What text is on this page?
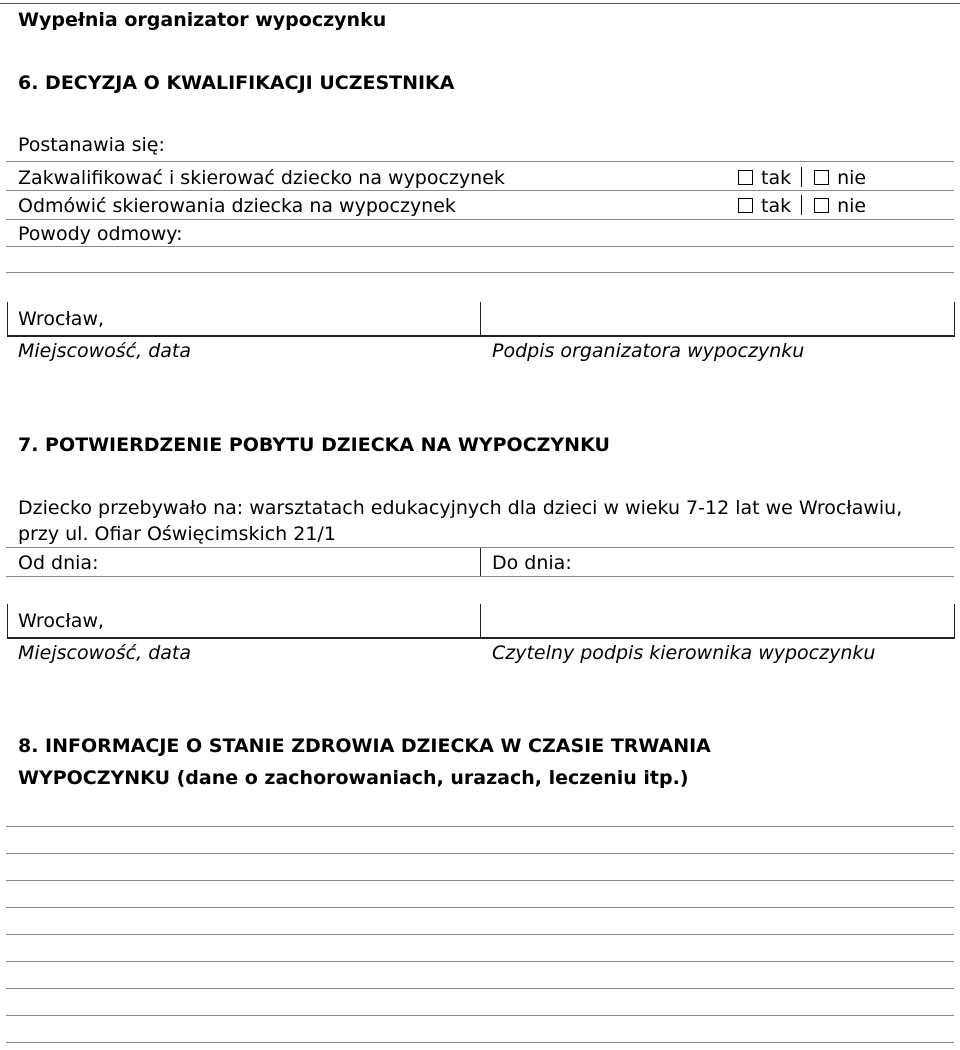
Wypełnia organizator wypoczynku
6. DECYZJA O KWALIFIKACJI UCZESTNIKA
Postanawia się:
Zakwalifikować i skierować dziecko na wypoczynek	tak nie
Odmówić skierowania dziecka na wypoczynek	tak nie
Powody odmowy:
Wrocław,
Miejscowość, data	Podpis organizatora wypoczynku
7. POTWIERDZENIE POBYTU DZIECKA NA WYPOCZYNKU
Dziecko przebywało na: warsztatach edukacyjnych dla dzieci w wieku 7-12 lat we Wrocławiu,
przy ul. Ofiar Oświęcimskich 21/1
Od dnia:	Do dnia:
Wrocław,
Miejscowość, data	Czytelny podpis kierownika wypoczynku
8. INFORMACJE O STANIE ZDROWIA DZIECKA W CZASIE TRWANIA
WYPOCZYNKU (dane o zachorowaniach, urazach, leczeniu itp.)
